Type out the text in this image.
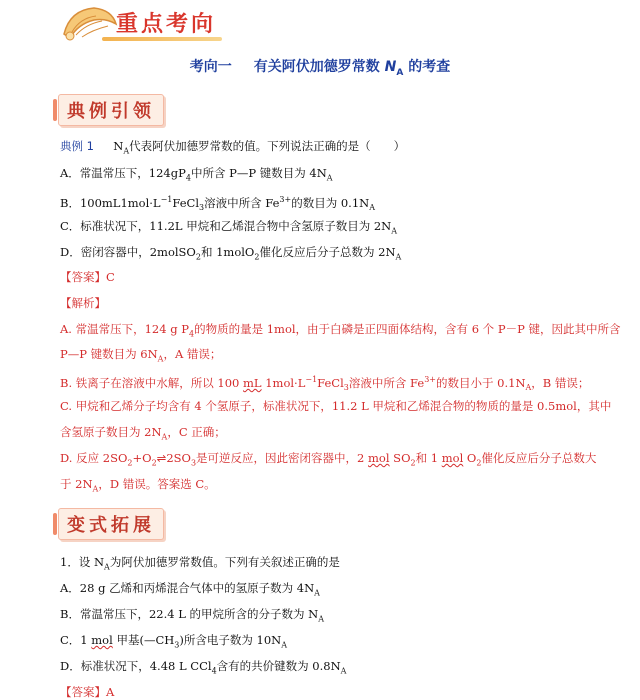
重点考向
考向一 有关阿伏加德罗常数 $N_A$ 的考查
典例引领
典例 1 $N_A$代表阿伏加德罗常数的值。下列说法正确的是（　　）
A．常温常压下，$124gP_4$中所含 P—P 键数目为 $4N_A$
B．$100mL1mol\cdot L^{-1}FeCl_3$溶液中所含 $Fe^{3+}$的数目为 $0.1N_A$
C．标准状况下，11.2L 甲烷和乙烯混合物中含氢原子数目为 $2N_A$
D．密闭容器中，2molSO$_2$和 1molO$_2$催化反应后分子总数为 $2N_A$
【答案】C
【解析】
A. 常温常压下，124 g $P_4$的物质的量是 1mol，由于白磷是正四面体结构，含有 6 个 P－P 键，因此其中所含
P—P 键数目为 $6N_A$，A 错误；
B. 铁离子在溶液中水解，所以 100 mL $1mol\cdot L^{-1}FeCl_3$溶液中所含 $Fe^{3+}$的数目小于 $0.1N_A$，B 错误；
C. 甲烷和乙烯分子均含有 4 个氢原子，标准状况下，11.2 L 甲烷和乙烯混合物的物质的量是 0.5mol，其中
含氢原子数目为 $2N_A$，C 正确；
D. 反应 $2SO_2+O_2\rightleftharpoons 2SO_3$是可逆反应，因此密闭容器中，2 mol $SO_2$和 1 mol $O_2$催化反应后分子总数大
于 $2N_A$，D 错误。答案选 C。
变式拓展
1．设 $N_A$为阿伏加德罗常数值。下列有关叙述正确的是
A．28 g 乙烯和丙烯混合气体中的氢原子数为 $4N_A$
B．常温常压下，22.4 L 的甲烷所含的分子数为 $N_A$
C．1 mol 甲基$(—CH_3)$所含电子数为 $10N_A$
D．标准状况下，4.48 L CCl$_4$含有的共价键数为 $0.8N_A$
【答案】A
